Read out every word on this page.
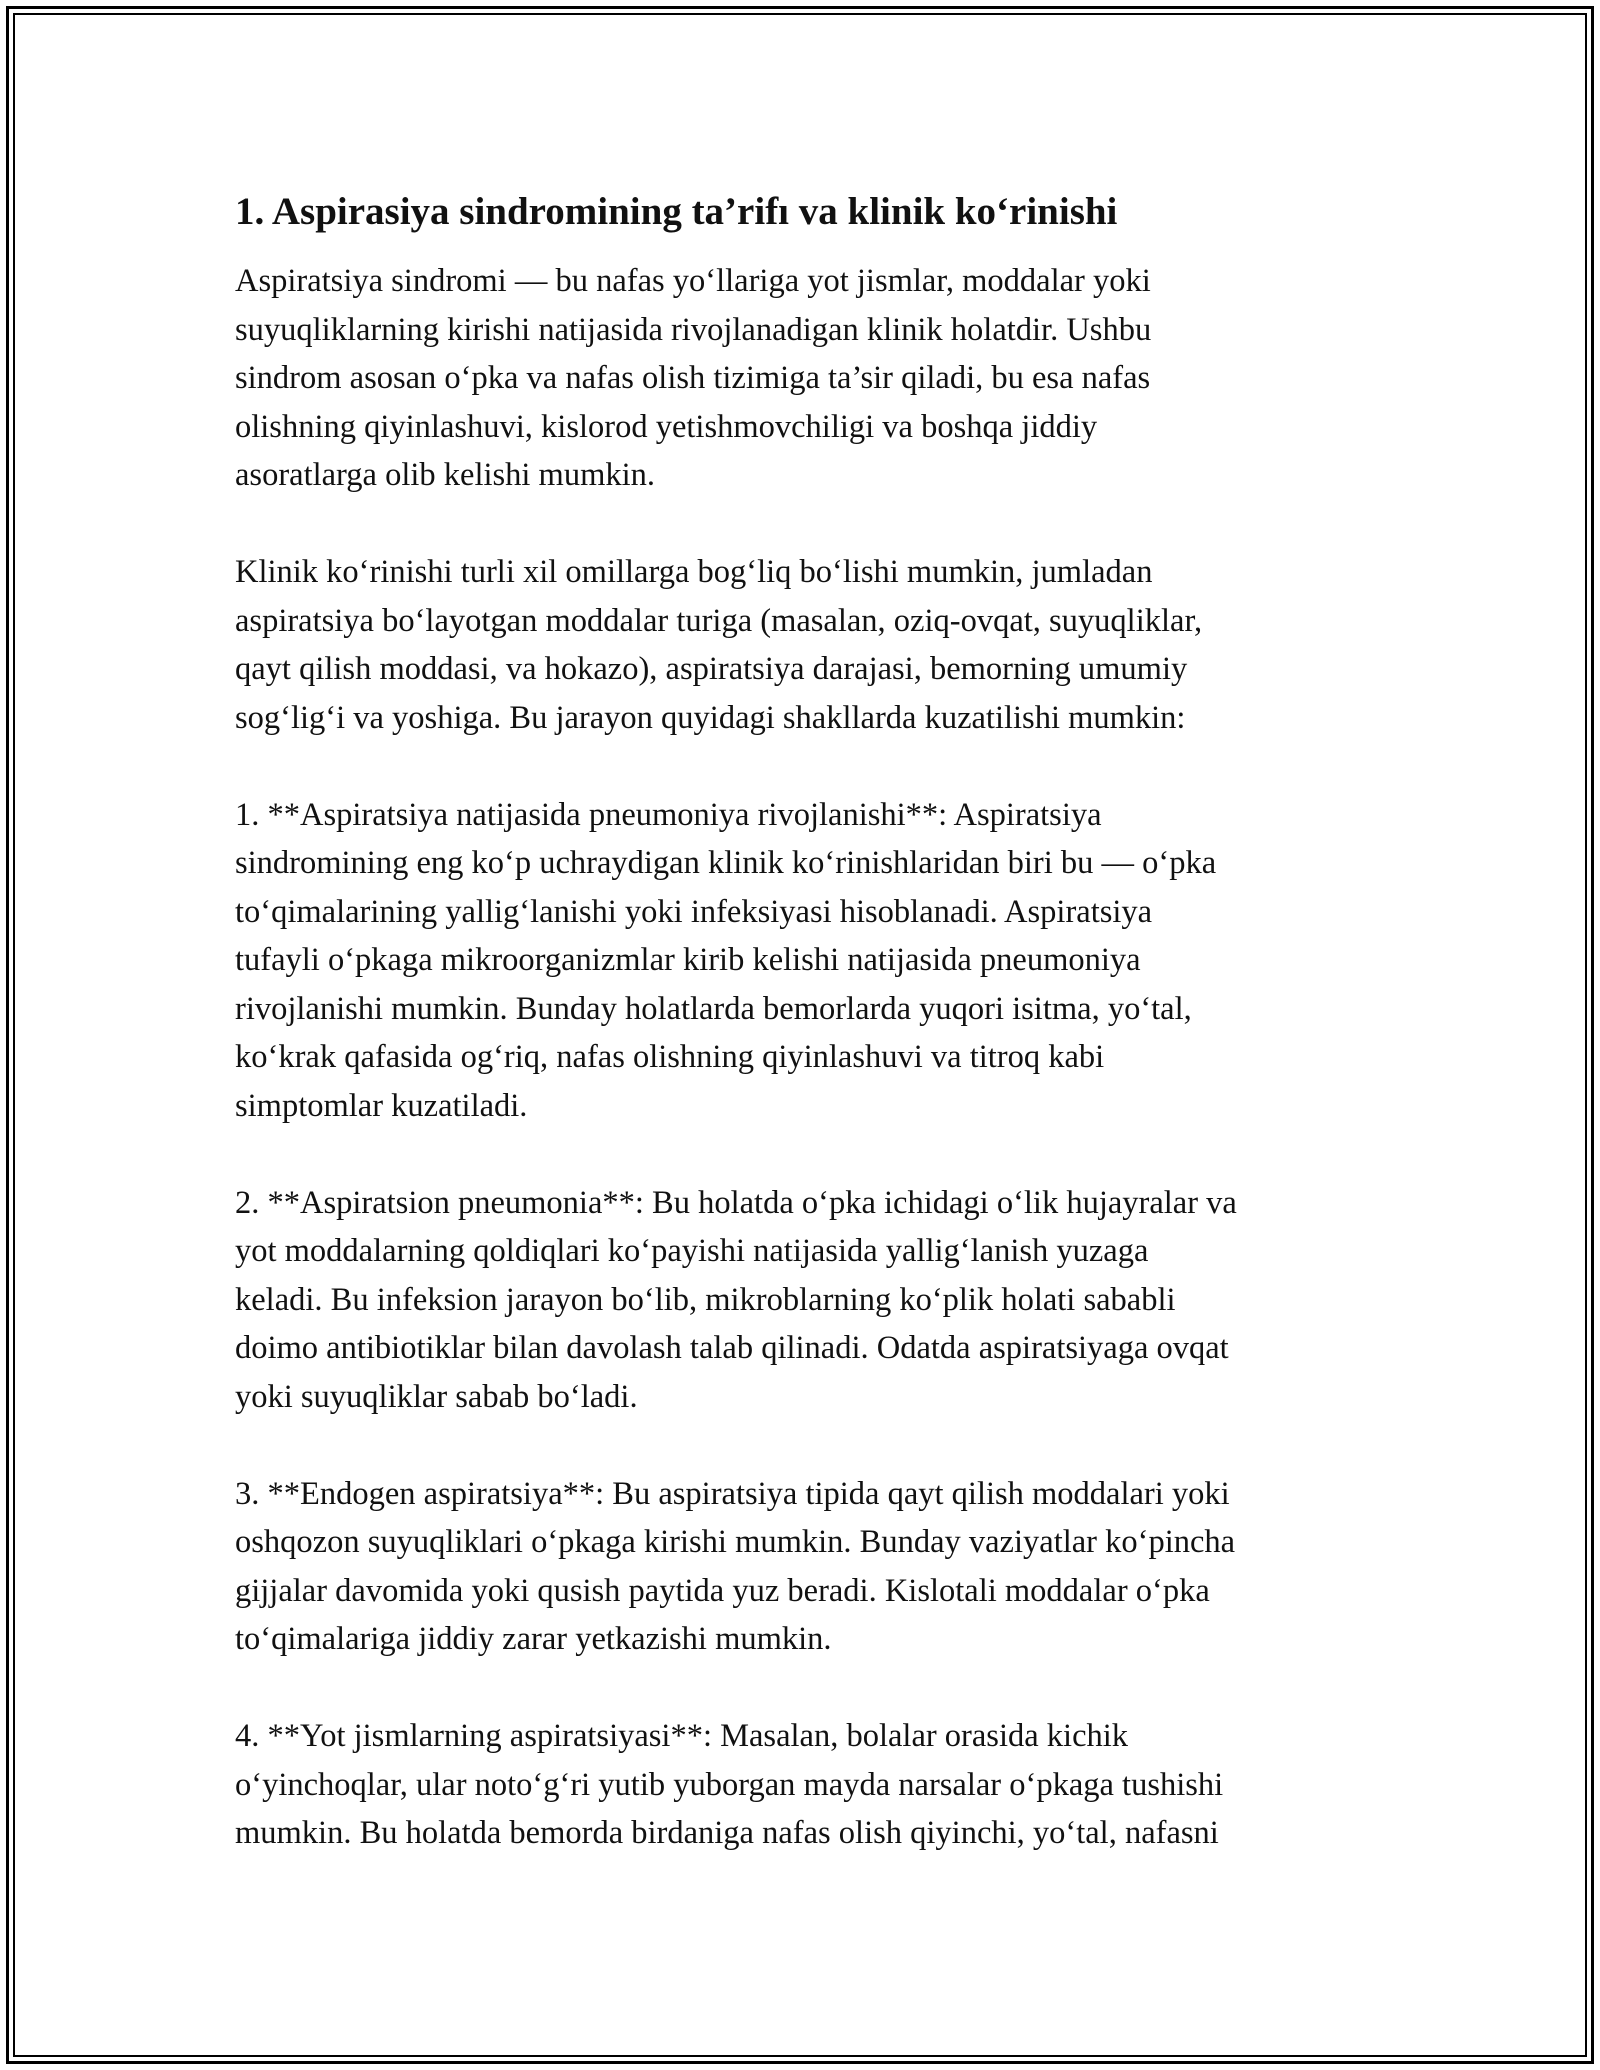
1. Aspirasiya sindromining ta’rifı va klinik ko‘rinishi

Aspiratsiya sindromi — bu nafas yo‘llariga yot jismlar, moddalar yoki
suyuqliklarning kirishi natijasida rivojlanadigan klinik holatdir. Ushbu
sindrom asosan o‘pka va nafas olish tizimiga ta’sir qiladi, bu esa nafas
olishning qiyinlashuvi, kislorod yetishmovchiligi va boshqa jiddiy
asoratlarga olib kelishi mumkin.

Klinik ko‘rinishi turli xil omillarga bog‘liq bo‘lishi mumkin, jumladan
aspiratsiya bo‘layotgan moddalar turiga (masalan, oziq-ovqat, suyuqliklar,
qayt qilish moddasi, va hokazo), aspiratsiya darajasi, bemorning umumiy
sog‘lig‘i va yoshiga. Bu jarayon quyidagi shakllarda kuzatilishi mumkin:

1. **Aspiratsiya natijasida pneumoniya rivojlanishi**: Aspiratsiya
sindromining eng ko‘p uchraydigan klinik ko‘rinishlaridan biri bu — o‘pka
to‘qimalarining yallig‘lanishi yoki infeksiyasi hisoblanadi. Aspiratsiya
tufayli o‘pkaga mikroorganizmlar kirib kelishi natijasida pneumoniya
rivojlanishi mumkin. Bunday holatlarda bemorlarda yuqori isitma, yo‘tal,
ko‘krak qafasida og‘riq, nafas olishning qiyinlashuvi va titroq kabi
simptomlar kuzatiladi.

2. **Aspiratsion pneumonia**: Bu holatda o‘pka ichidagi o‘lik hujayralar va
yot moddalarning qoldiqlari ko‘payishi natijasida yallig‘lanish yuzaga
keladi. Bu infeksion jarayon bo‘lib, mikroblarning ko‘plik holati sababli
doimo antibiotiklar bilan davolash talab qilinadi. Odatda aspiratsiyaga ovqat
yoki suyuqliklar sabab bo‘ladi.

3. **Endogen aspiratsiya**: Bu aspiratsiya tipida qayt qilish moddalari yoki
oshqozon suyuqliklari o‘pkaga kirishi mumkin. Bunday vaziyatlar ko‘pincha
gijjalar davomida yoki qusish paytida yuz beradi. Kislotali moddalar o‘pka
to‘qimalariga jiddiy zarar yetkazishi mumkin.

4. **Yot jismlarning aspiratsiyasi**: Masalan, bolalar orasida kichik
o‘yinchoqlar, ular noto‘g‘ri yutib yuborgan mayda narsalar o‘pkaga tushishi
mumkin. Bu holatda bemorda birdaniga nafas olish qiyinchi, yo‘tal, nafasni
